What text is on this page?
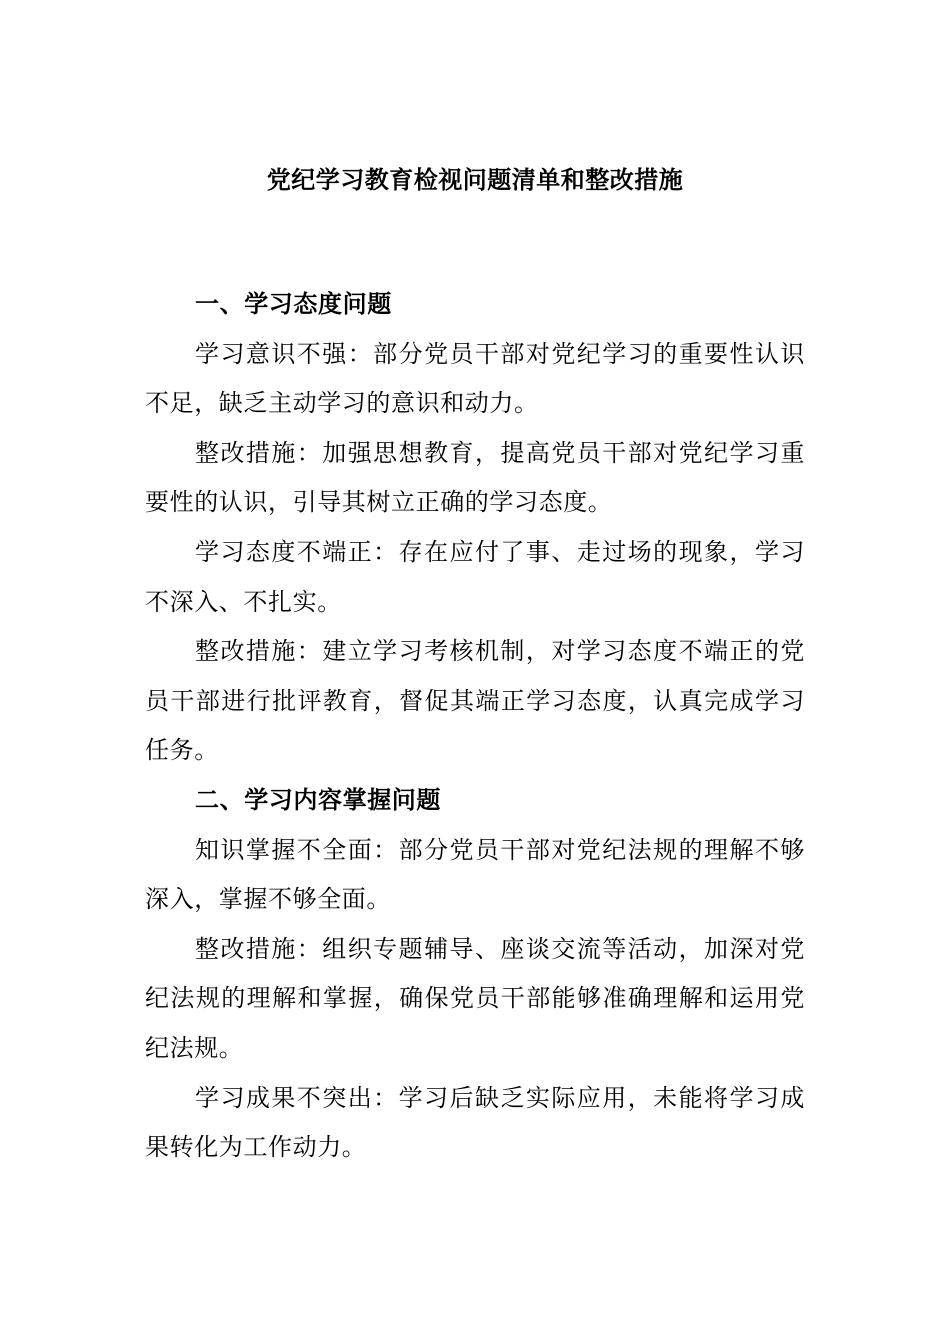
党纪学习教育检视问题清单和整改措施

一、学习态度问题

学习意识不强：部分党员干部对党纪学习的重要性认识不足，缺乏主动学习的意识和动力。

整改措施：加强思想教育，提高党员干部对党纪学习重要性的认识，引导其树立正确的学习态度。

学习态度不端正：存在应付了事、走过场的现象，学习不深入、不扎实。

整改措施：建立学习考核机制，对学习态度不端正的党员干部进行批评教育，督促其端正学习态度，认真完成学习任务。

二、学习内容掌握问题

知识掌握不全面：部分党员干部对党纪法规的理解不够深入，掌握不够全面。

整改措施：组织专题辅导、座谈交流等活动，加深对党纪法规的理解和掌握，确保党员干部能够准确理解和运用党纪法规。

学习成果不突出：学习后缺乏实际应用，未能将学习成果转化为工作动力。
